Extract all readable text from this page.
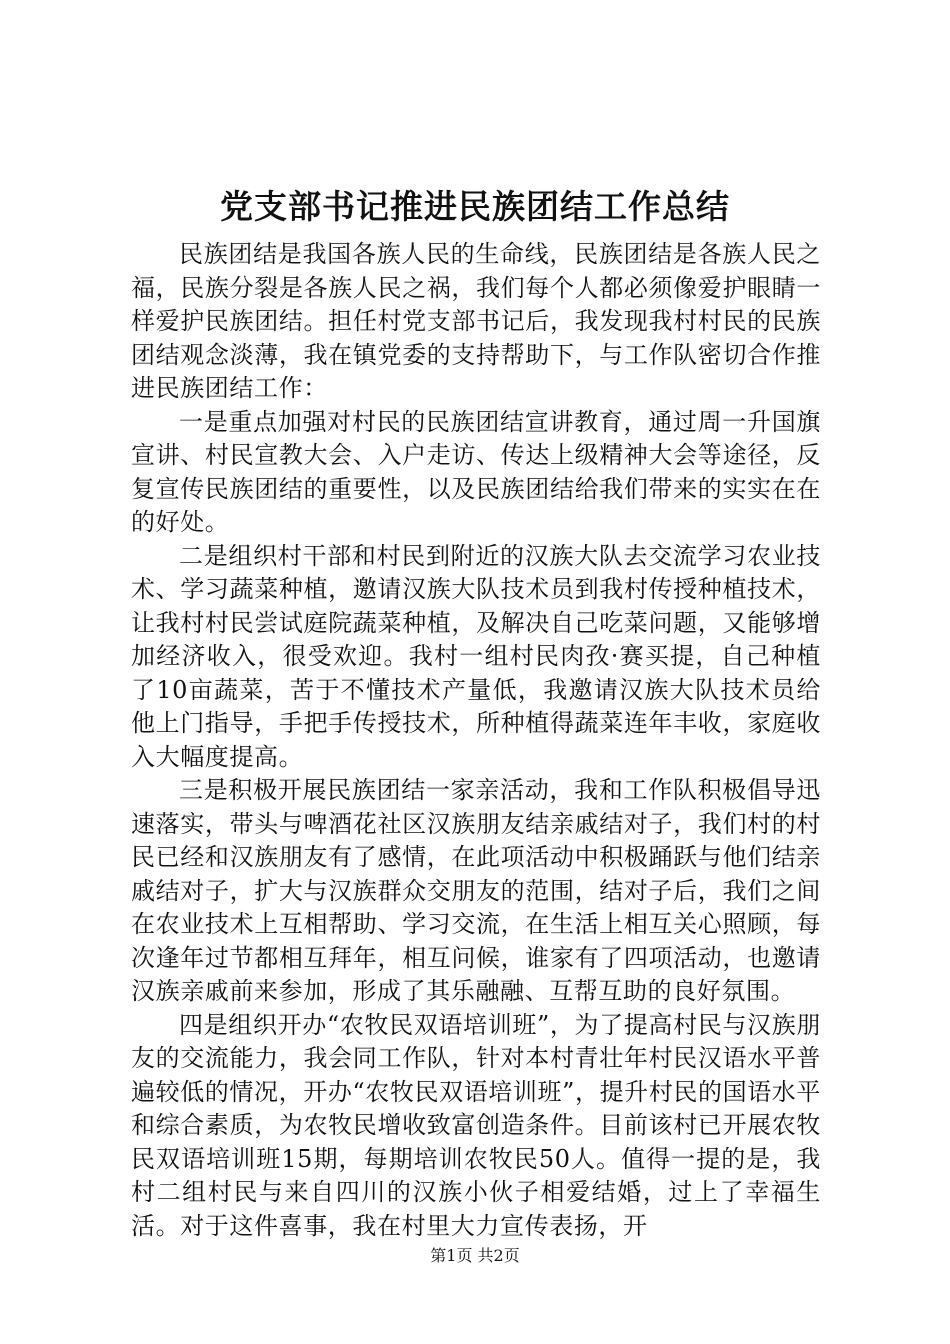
党支部书记推进民族团结工作总结

民族团结是我国各族人民的生命线，民族团结是各族人民之福，民族分裂是各族人民之祸，我们每个人都必须像爱护眼睛一样爱护民族团结。担任村党支部书记后，我发现我村村民的民族团结观念淡薄，我在镇党委的支持帮助下，与工作队密切合作推进民族团结工作：

一是重点加强对村民的民族团结宣讲教育，通过周一升国旗宣讲、村民宣教大会、入户走访、传达上级精神大会等途径，反复宣传民族团结的重要性，以及民族团结给我们带来的实实在在的好处。

二是组织村干部和村民到附近的汉族大队去交流学习农业技术、学习蔬菜种植，邀请汉族大队技术员到我村传授种植技术，让我村村民尝试庭院蔬菜种植，及解决自己吃菜问题，又能够增加经济收入，很受欢迎。我村一组村民肉孜·赛买提，自己种植了10亩蔬菜，苦于不懂技术产量低，我邀请汉族大队技术员给他上门指导，手把手传授技术，所种植得蔬菜连年丰收，家庭收入大幅度提高。

三是积极开展民族团结一家亲活动，我和工作队积极倡导迅速落实，带头与啤酒花社区汉族朋友结亲戚结对子，我们村的村民已经和汉族朋友有了感情，在此项活动中积极踊跃与他们结亲戚结对子，扩大与汉族群众交朋友的范围，结对子后，我们之间在农业技术上互相帮助、学习交流，在生活上相互关心照顾，每次逢年过节都相互拜年，相互问候，谁家有了四项活动，也邀请汉族亲戚前来参加，形成了其乐融融、互帮互助的良好氛围。

四是组织开办“农牧民双语培训班”，为了提高村民与汉族朋友的交流能力，我会同工作队，针对本村青壮年村民汉语水平普遍较低的情况，开办“农牧民双语培训班”，提升村民的国语水平和综合素质，为农牧民增收致富创造条件。目前该村已开展农牧民双语培训班15期，每期培训农牧民50人。值得一提的是，我村二组村民与来自四川的汉族小伙子相爱结婚，过上了幸福生活。对于这件喜事，我在村里大力宣传表扬，开

第1页 共2页
